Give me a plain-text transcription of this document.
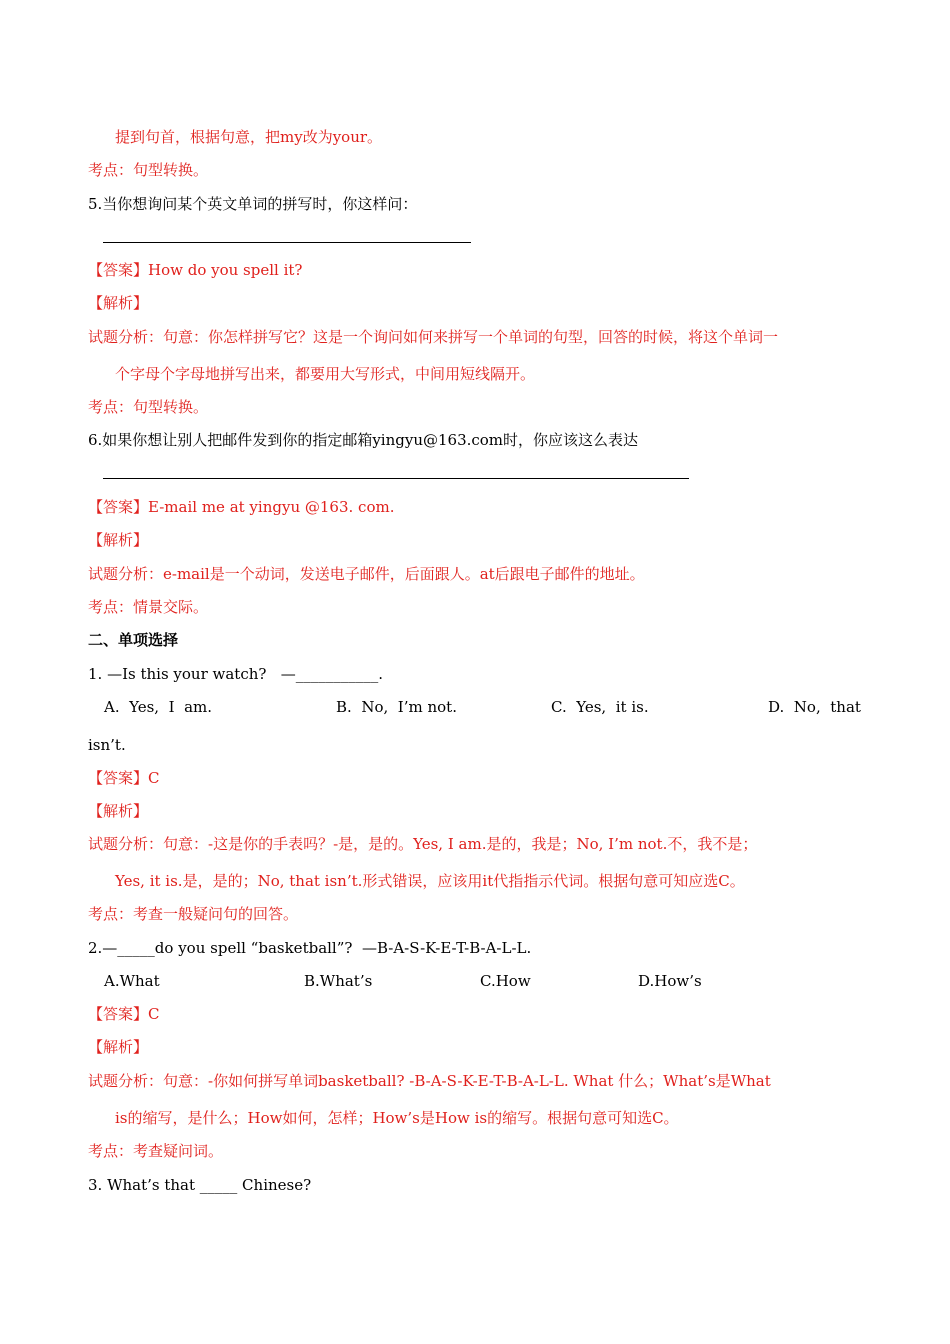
提到句首，根据句意，把my改为your。
考点：句型转换。
5.当你想询问某个英文单词的拼写时，你这样问：
【答案】How do you spell it?
【解析】
试题分析：句意：你怎样拼写它？这是一个询问如何来拼写一个单词的句型，回答的时候，将这个单词一
个字母个字母地拼写出来，都要用大写形式，中间用短线隔开。
考点：句型转换。
6.如果你想让别人把邮件发到你的指定邮箱yingyu@163.com时，你应该这么表达
【答案】E-mail me at yingyu @163. com.
【解析】
试题分析：e-mail是一个动词，发送电子邮件，后面跟人。at后跟电子邮件的地址。
考点：情景交际。
二、单项选择
1. —Is this your watch?   —___________.
A.  Yes,  I  am.	B.  No,  I’m not.	C.  Yes,  it is.	D.  No,  that
isn’t.
【答案】C
【解析】
试题分析：句意：-这是你的手表吗？-是，是的。Yes, I am.是的，我是；No, I’m not.不，我不是；
Yes, it is.是，是的；No, that isn’t.形式错误，应该用it代指指示代词。根据句意可知应选C。
考点：考查一般疑问句的回答。
2.—_____do you spell “basketball”?  —B-A-S-K-E-T-B-A-L-L.
A.What	B.What’s	C.How	D.How’s
【答案】C
【解析】
试题分析：句意：-你如何拼写单词basketball? -B-A-S-K-E-T-B-A-L-L. What 什么；What’s是What
is的缩写，是什么；How如何，怎样；How’s是How is的缩写。根据句意可知选C。
考点：考查疑问词。
3. What’s that _____ Chinese?
